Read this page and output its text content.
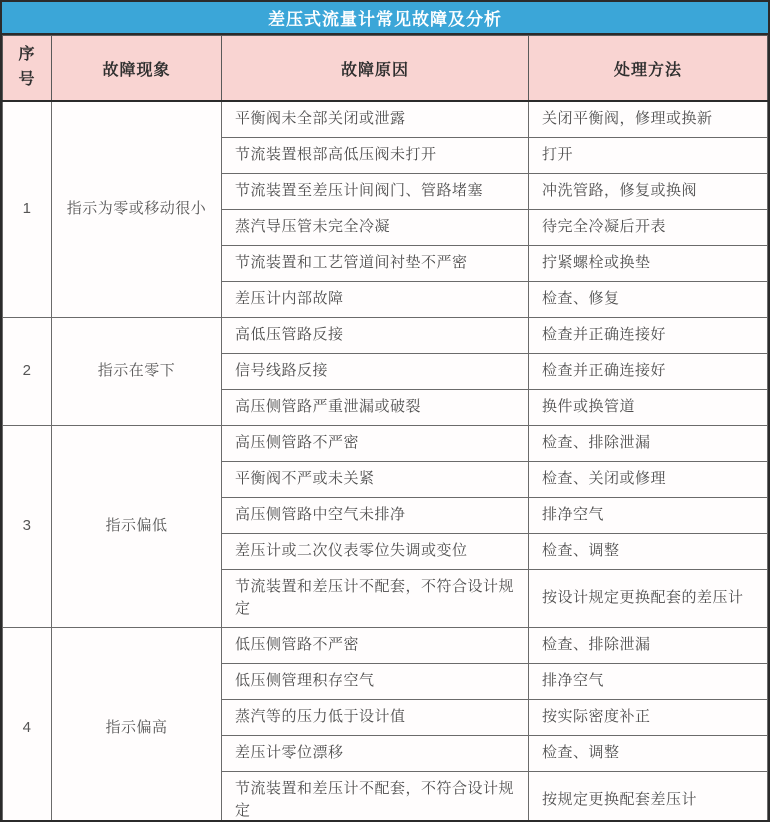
差压式流量计常见故障及分析
序号	故障现象	故障原因	处理方法
1	指示为零或移动很小	平衡阀未全部关闭或泄露	关闭平衡阀，修理或换新
		节流装置根部高低压阀未打开	打开
		节流装置至差压计间阀门、管路堵塞	冲洗管路，修复或换阀
		蒸汽导压管未完全冷凝	待完全冷凝后开表
		节流装置和工艺管道间衬垫不严密	拧紧螺栓或换垫
		差压计内部故障	检查、修复
2	指示在零下	高低压管路反接	检查并正确连接好
		信号线路反接	检查并正确连接好
		高压侧管路严重泄漏或破裂	换件或换管道
3	指示偏低	高压侧管路不严密	检查、排除泄漏
		平衡阀不严或未关紧	检查、关闭或修理
		高压侧管路中空气未排净	排净空气
		差压计或二次仪表零位失调或变位	检查、调整
		节流装置和差压计不配套，不符合设计规定	按设计规定更换配套的差压计
4	指示偏高	低压侧管路不严密	检查、排除泄漏
		低压侧管理积存空气	排净空气
		蒸汽等的压力低于设计值	按实际密度补正
		差压计零位漂移	检查、调整
		节流装置和差压计不配套，不符合设计规定	按规定更换配套差压计
